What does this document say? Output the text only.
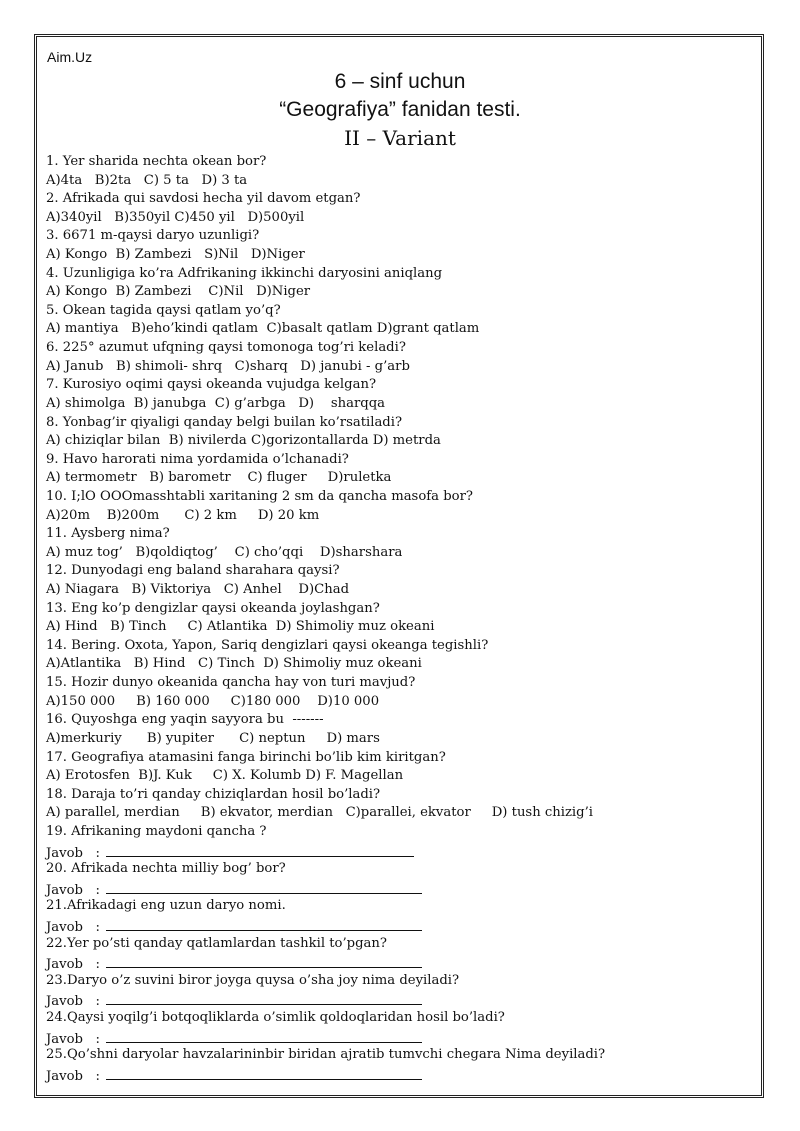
Aim.Uz
6 – sinf uchun
“Geografiya” fanidan testi.
II – Variant
1. Yer sharida nechta okean bor?
A)4ta   B)2ta   C) 5 ta   D) 3 ta
2. Afrikada qui savdosi hecha yil davom etgan?
A)340yil   B)350yil C)450 yil   D)500yil
3. 6671 m-qaysi daryo uzunligi?
A) Kongo  B) Zambezi   S)Nil   D)Niger
4. Uzunligiga ko’ra Adfrikaning ikkinchi daryosini aniqlang
A) Kongo  B) Zambezi    C)Nil   D)Niger
5. Okean tagida qaysi qatlam yo’q?
A) mantiya   B)eho’kindi qatlam  C)basalt qatlam D)grant qatlam
6. 225° azumut ufqning qaysi tomonoga tog’ri keladi?
A) Janub   B) shimoli- shrq   C)sharq   D) janubi - g’arb
7. Kurosiyo oqimi qaysi okeanda vujudga kelgan?
A) shimolga  B) janubga  C) g’arbga   D)    sharqqa
8. Yonbag’ir qiyaligi qanday belgi builan ko’rsatiladi?
A) chiziqlar bilan  B) nivilerda C)gorizontallarda D) metrda
9. Havo harorati nima yordamida o’lchanadi?
A) termometr   B) barometr    C) fluger     D)ruletka
10. I;lO OOOmasshtabli xaritaning 2 sm da qancha masofa bor?
A)20m    B)200m      C) 2 km     D) 20 km
11. Aysberg nima?
A) muz tog’   B)qoldiqtog’    C) cho’qqi    D)sharshara
12. Dunyodagi eng baland sharahara qaysi?
A) Niagara   B) Viktoriya   C) Anhel    D)Chad
13. Eng ko’p dengizlar qaysi okeanda joylashgan?
A) Hind   B) Tinch     C) Atlantika  D) Shimoliy muz okeani
14. Bering. Oxota, Yapon, Sariq dengizlari qaysi okeanga tegishli?
A)Atlantika   B) Hind   C) Tinch  D) Shimoliy muz okeani
15. Hozir dunyo okeanida qancha hay von turi mavjud?
A)150 000     B) 160 000     C)180 000    D)10 000
16. Quyoshga eng yaqin sayyora bu  -------
A)merkuriy      B) yupiter      C) neptun     D) mars
17. Geografiya atamasini fanga birinchi bo’lib kim kiritgan?
A) Erotosfen  B)J. Kuk     C) X. Kolumb D) F. Magellan
18. Daraja to’ri qanday chiziqlardan hosil bo’ladi?
A) parallel, merdian     B) ekvator, merdian   C)parallei, ekvator     D) tush chizig’i
19. Afrikaning maydoni qancha ?
Javob   :
20. Afrikada nechta milliy bog’ bor?
Javob   :
21.Afrikadagi eng uzun daryo nomi.
Javob   :
22.Yer po’sti qanday qatlamlardan tashkil to’pgan?
Javob   :
23.Daryo o’z suvini biror joyga quysa o’sha joy nima deyiladi?
Javob   :
24.Qaysi yoqilg’i botqoqliklarda o’simlik qoldoqlaridan hosil bo’ladi?
Javob   :
25.Qo’shni daryolar havzalarininbir biridan ajratib tumvchi chegara Nima deyiladi?
Javob   :
